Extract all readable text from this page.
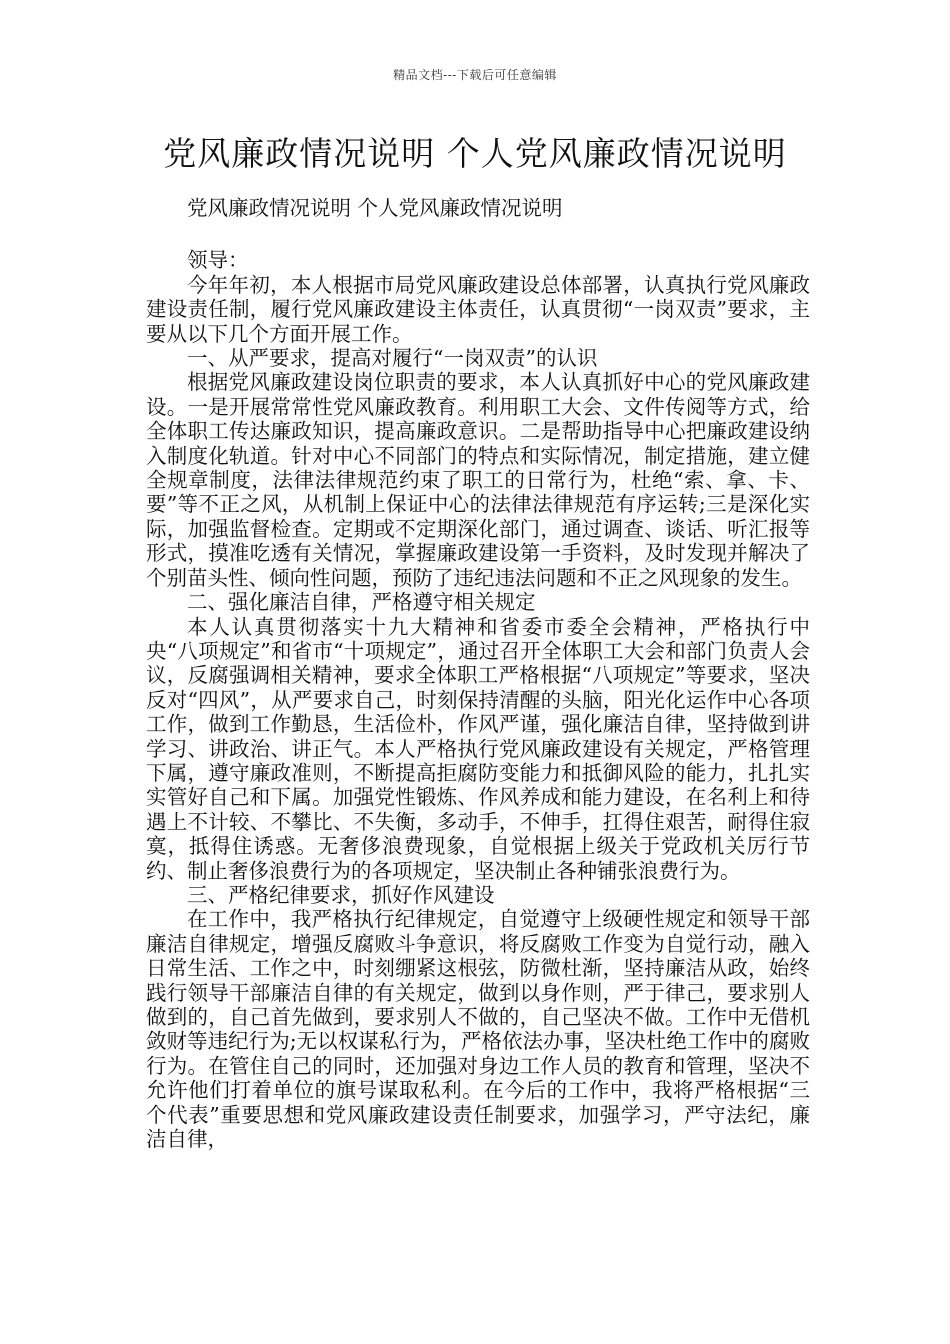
精品文档---下载后可任意编辑
党风廉政情况说明 个人党风廉政情况说明

党风廉政情况说明 个人党风廉政情况说明

领导：

今年年初，本人根据市局党风廉政建设总体部署，认真执行党风廉政建设责任制，履行党风廉政建设主体责任，认真贯彻“一岗双责”要求，主要从以下几个方面开展工作。

一、从严要求，提高对履行“一岗双责”的认识

根据党风廉政建设岗位职责的要求，本人认真抓好中心的党风廉政建设。一是开展常常性党风廉政教育。利用职工大会、文件传阅等方式，给全体职工传达廉政知识，提高廉政意识。二是帮助指导中心把廉政建设纳入制度化轨道。针对中心不同部门的特点和实际情况，制定措施，建立健全规章制度，法律法律规范约束了职工的日常行为，杜绝“索、拿、卡、要”等不正之风，从机制上保证中心的法律法律规范有序运转;三是深化实际，加强监督检查。定期或不定期深化部门，通过调查、谈话、听汇报等形式，摸准吃透有关情况，掌握廉政建设第一手资料，及时发现并解决了个别苗头性、倾向性问题，预防了违纪违法问题和不正之风现象的发生。

二、强化廉洁自律，严格遵守相关规定

本人认真贯彻落实十九大精神和省委市委全会精神，严格执行中央“八项规定”和省市“十项规定”，通过召开全体职工大会和部门负责人会议，反腐强调相关精神，要求全体职工严格根据“八项规定”等要求，坚决反对“四风”，从严要求自己，时刻保持清醒的头脑，阳光化运作中心各项工作，做到工作勤恳，生活俭朴，作风严谨，强化廉洁自律，坚持做到讲学习、讲政治、讲正气。本人严格执行党风廉政建设有关规定，严格管理下属，遵守廉政准则，不断提高拒腐防变能力和抵御风险的能力，扎扎实实管好自己和下属。加强党性锻炼、作风养成和能力建设，在名利上和待遇上不计较、不攀比、不失衡，多动手，不伸手，扛得住艰苦，耐得住寂寞，抵得住诱惑。无奢侈浪费现象，自觉根据上级关于党政机关厉行节约、制止奢侈浪费行为的各项规定，坚决制止各种铺张浪费行为。

三、严格纪律要求，抓好作风建设

在工作中，我严格执行纪律规定，自觉遵守上级硬性规定和领导干部廉洁自律规定，增强反腐败斗争意识，将反腐败工作变为自觉行动，融入日常生活、工作之中，时刻绷紧这根弦，防微杜渐，坚持廉洁从政，始终践行领导干部廉洁自律的有关规定，做到以身作则，严于律己，要求别人做到的，自己首先做到，要求别人不做的，自己坚决不做。工作中无借机敛财等违纪行为;无以权谋私行为，严格依法办事，坚决杜绝工作中的腐败行为。在管住自己的同时，还加强对身边工作人员的教育和管理，坚决不允许他们打着单位的旗号谋取私利。在今后的工作中，我将严格根据“三个代表”重要思想和党风廉政建设责任制要求，加强学习，严守法纪，廉洁自律，
